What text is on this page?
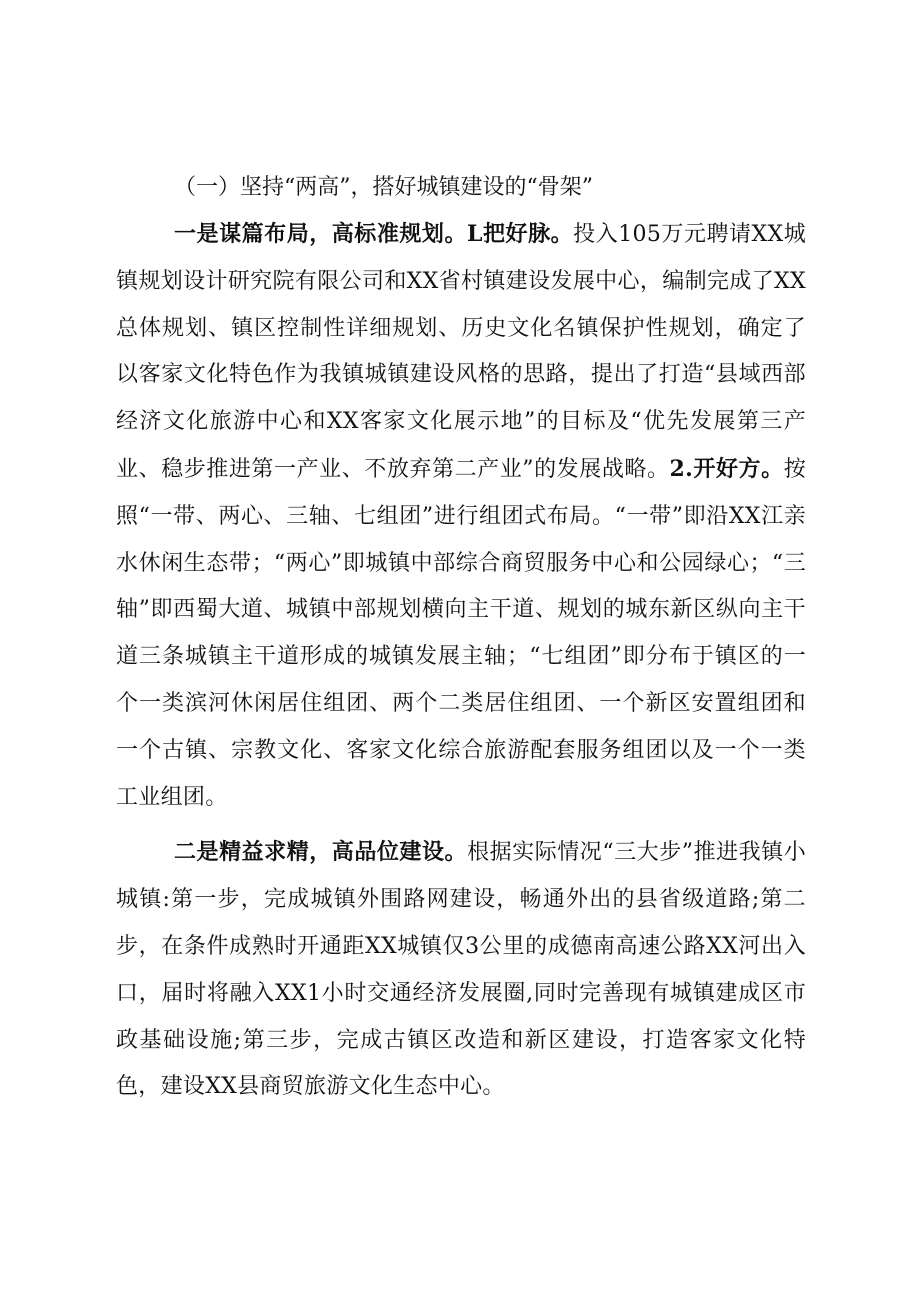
（一）坚持“两高”，搭好城镇建设的“骨架”

一是谋篇布局，高标准规划。L把好脉。投入105万元聘请XX城镇规划设计研究院有限公司和XX省村镇建设发展中心，编制完成了XX总体规划、镇区控制性详细规划、历史文化名镇保护性规划，确定了以客家文化特色作为我镇城镇建设风格的思路，提出了打造“县域西部经济文化旅游中心和XX客家文化展示地”的目标及“优先发展第三产业、稳步推进第一产业、不放弃第二产业”的发展战略。2.开好方。按照“一带、两心、三轴、七组团”进行组团式布局。“一带”即沿XX江亲水休闲生态带；“两心”即城镇中部综合商贸服务中心和公园绿心；“三轴”即西蜀大道、城镇中部规划横向主干道、规划的城东新区纵向主干道三条城镇主干道形成的城镇发展主轴；“七组团”即分布于镇区的一个一类滨河休闲居住组团、两个二类居住组团、一个新区安置组团和一个古镇、宗教文化、客家文化综合旅游配套服务组团以及一个一类工业组团。

二是精益求精，高品位建设。根据实际情况“三大步”推进我镇小城镇:第一步，完成城镇外围路网建设，畅通外出的县省级道路;第二步，在条件成熟时开通距XX城镇仅3公里的成德南高速公路XX河出入口，届时将融入XX1小时交通经济发展圈,同时完善现有城镇建成区市政基础设施;第三步，完成古镇区改造和新区建设，打造客家文化特色，建设XX县商贸旅游文化生态中心。
